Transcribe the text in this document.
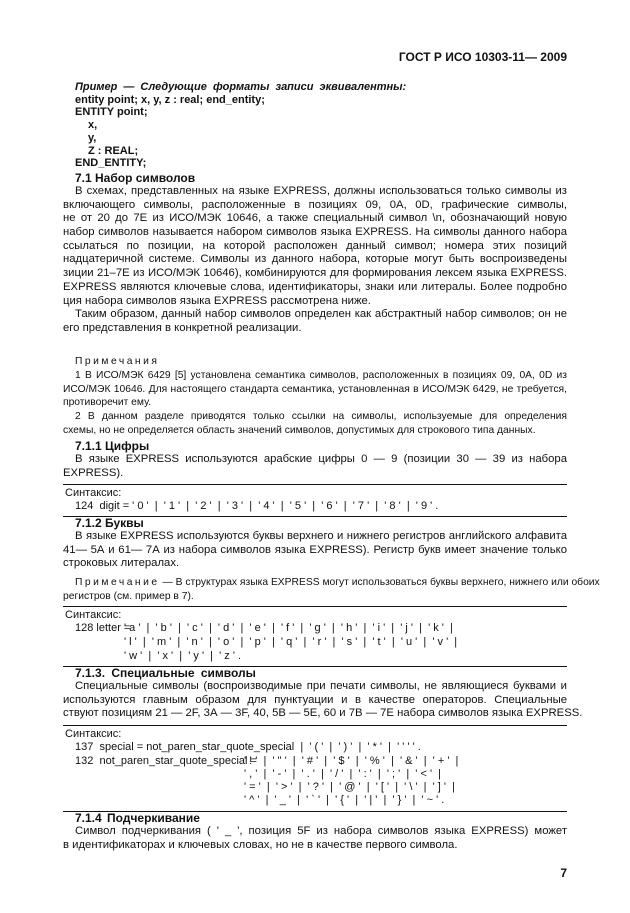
ГОСТ Р ИСО 10303-11— 2009
Пример — Следующие форматы записи эквивалентны:
entity point; x, y, z : real; end_entity;
ENTITY point;
x,
у,
Z : REAL;
END_ENTITY;
7.1 Набор символов
В схемах, представленных на языке EXPRESS, должны использоваться только символы из
включающего символы, расположенные в позициях 09, 0А, 0D, графические символы,
не от 20 до 7Е из ИСО/МЭК 10646, а также специальный символ \n, обозначающий новую
набор символов называется набором символов языка EXPRESS. На символы данного набора
ссылаться по позиции, на которой расположен данный символ; номера этих позиций
надцатеричной системе. Символы из данного набора, которые могут быть воспроизведены
зиции 21–7Е из ИСО/МЭК 10646), комбинируются для формирования лексем языка EXPRESS.
EXPRESS являются ключевые слова, идентификаторы, знаки или литералы. Более подробно
ция набора символов языка EXPRESS рассмотрена ниже.
Таким образом, данный набор символов определен как абстрактный набор символов; он не
его представления в конкретной реализации.
Примечания
1 В ИСО/МЭК 6429 [5] установлена семантика символов, расположенных в позициях 09, 0А, 0D из
ИСО/МЭК 10646. Для настоящего стандарта семантика, установленная в ИСО/МЭК 6429, не требуется,
противоречит ему.
2 В данном разделе приводятся только ссылки на символы, используемые для определения
схемы, но не определяется область значений символов, допустимых для строкового типа данных.
7.1.1 Цифры
В языке EXPRESS используются арабские цифры 0 — 9 (позиции 30 — 39 из набора
EXPRESS).
Синтаксис:
124  digit = ' 0 '  |  ' 1 '  |  ' 2 '  |  ' 3 '  |  ' 4 '  |  ' 5 '  |  ' 6 '  |  ' 7 '  |  ' 8 '  |  ' 9 ' .
7.1.2 Буквы
В языке EXPRESS используются буквы верхнего и нижнего регистров английского алфавита
41— 5А и 61— 7А из набора символов языка EXPRESS). Регистр букв имеет значение только
строковых литералах.
Примечание — В структурах языка EXPRESS могут использоваться буквы верхнего, нижнего или обоих
регистров (см. пример в 7).
Синтаксис:
128 letter =
' a '  |  ' b '  |  ' c '  |  ' d '  |  ' e '  |  ' f '  |  ' g '  |  ' h '  |  ' i '  |  ' j '  |  ' k '  |
' l '  |  ' m '  |  ' n '  |  ' o '  |  ' p '  |  ' q '  |  ' r '  |  ' s '  |  ' t '  |  ' u '  |  ' v '  |
' w '  |  ' x '  |  ' y '  |  ' z ' .
7.1.3. Специальные символы
Специальные символы (воспроизводимые при печати символы, не являющиеся буквами и
используются главным образом для пунктуации и в качестве операторов. Специальные
ствуют позициям 21 — 2F, 3А — 3F, 40, 5В — 5Е, 60 и 7В — 7Е набора символов языка EXPRESS.
Синтаксис:
137  special = not_paren_star_quote_special  |  ' ( '  |  ' ) '  |  ' * '  |  ' ' ' ' .
132  not_paren_star_quote_special =
' ! '  |  ' " '  |  ' # '  |  ' $ '  |  ' % '  |  ' & '  |  ' + '  |
' , '  |  ' - '  |  ' . '  |  ' / '  |  ' : '  |  ' ; '  |  ' < '  |
' = '  |  ' > '  |  ' ? '  |  ' @ '  |  ' [ '  |  ' \ '  |  ' ] '  |
' ^ '  |  ' _ '  |  ' ` '  |  ' { '  |  ' | '  |  ' } '  |  ' ~ ' .
7.1.4 Подчеркивание
Символ подчеркивания ( ' _ ', позиция 5F из набора символов языка EXPRESS) может
в идентификаторах и ключевых словах, но не в качестве первого символа.
7
